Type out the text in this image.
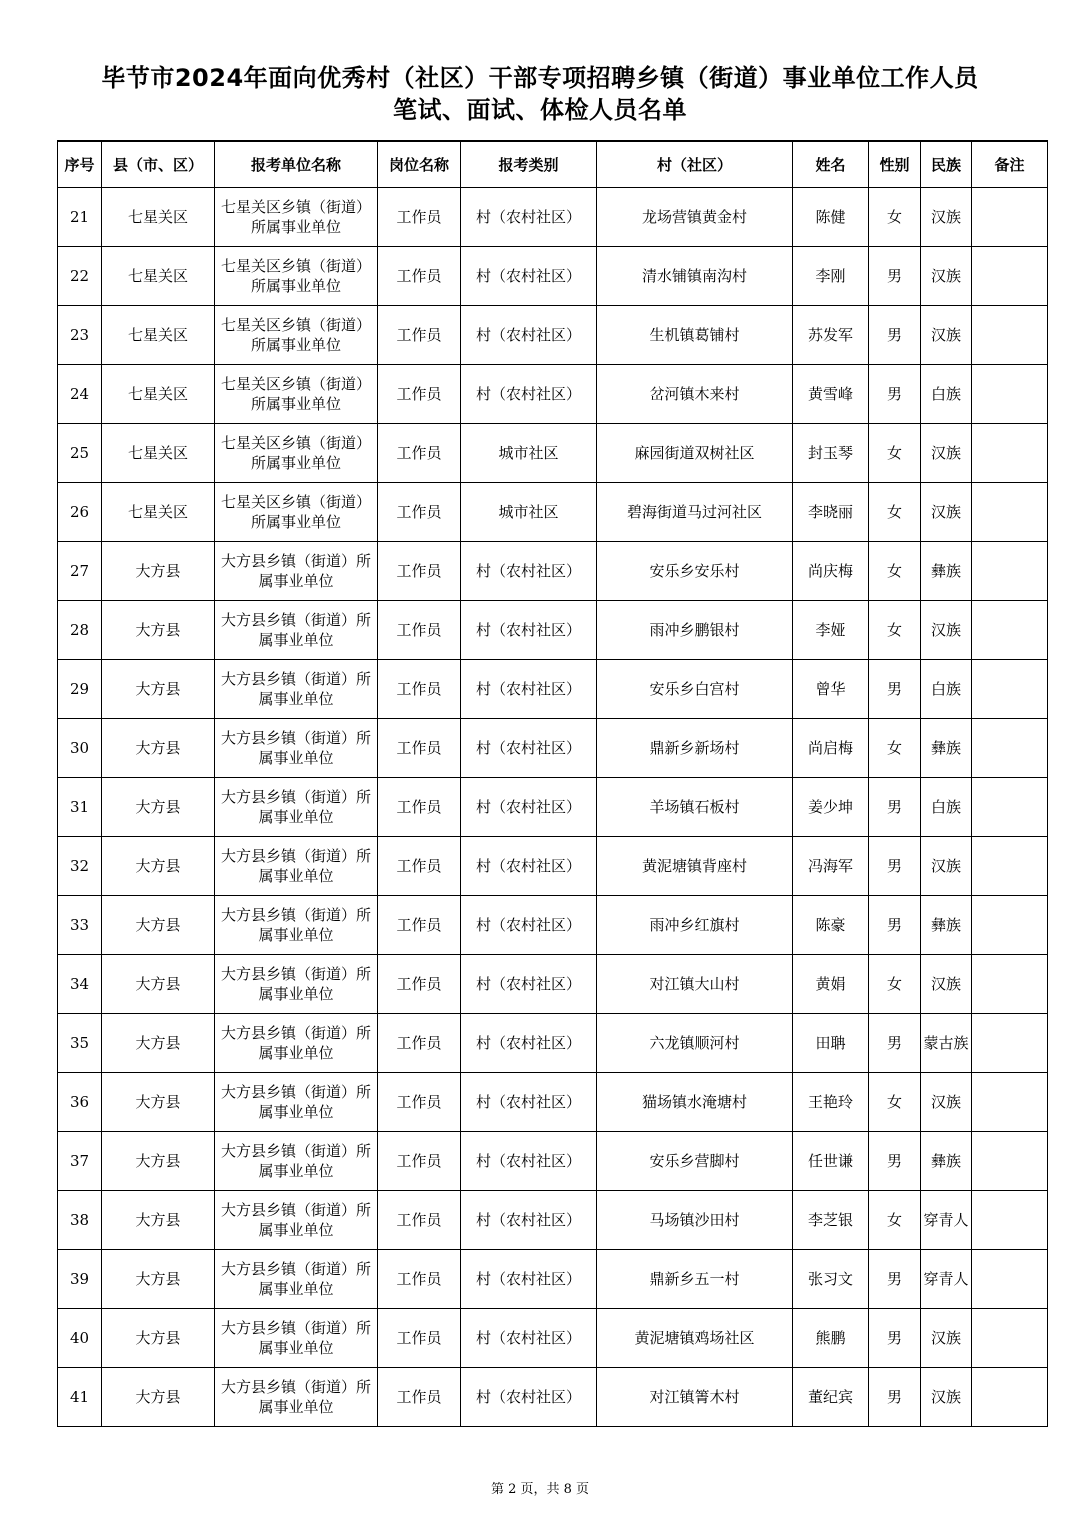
毕节市2024年面向优秀村（社区）干部专项招聘乡镇（街道）事业单位工作人员
笔试、面试、体检人员名单
序号	县（市、区）	报考单位名称	岗位名称	报考类别	村（社区）	姓名	性别	民族	备注
21	七星关区	七星关区乡镇（街道）所属事业单位	工作员	村（农村社区）	龙场营镇黄金村	陈健	女	汉族	
22	七星关区	七星关区乡镇（街道）所属事业单位	工作员	村（农村社区）	清水铺镇南沟村	李刚	男	汉族	
23	七星关区	七星关区乡镇（街道）所属事业单位	工作员	村（农村社区）	生机镇葛铺村	苏发军	男	汉族	
24	七星关区	七星关区乡镇（街道）所属事业单位	工作员	村（农村社区）	岔河镇木来村	黄雪峰	男	白族	
25	七星关区	七星关区乡镇（街道）所属事业单位	工作员	城市社区	麻园街道双树社区	封玉琴	女	汉族	
26	七星关区	七星关区乡镇（街道）所属事业单位	工作员	城市社区	碧海街道马过河社区	李晓丽	女	汉族	
27	大方县	大方县乡镇（街道）所属事业单位	工作员	村（农村社区）	安乐乡安乐村	尚庆梅	女	彝族	
28	大方县	大方县乡镇（街道）所属事业单位	工作员	村（农村社区）	雨冲乡鹏银村	李娅	女	汉族	
29	大方县	大方县乡镇（街道）所属事业单位	工作员	村（农村社区）	安乐乡白宫村	曾华	男	白族	
30	大方县	大方县乡镇（街道）所属事业单位	工作员	村（农村社区）	鼎新乡新场村	尚启梅	女	彝族	
31	大方县	大方县乡镇（街道）所属事业单位	工作员	村（农村社区）	羊场镇石板村	姜少坤	男	白族	
32	大方县	大方县乡镇（街道）所属事业单位	工作员	村（农村社区）	黄泥塘镇背座村	冯海军	男	汉族	
33	大方县	大方县乡镇（街道）所属事业单位	工作员	村（农村社区）	雨冲乡红旗村	陈豪	男	彝族	
34	大方县	大方县乡镇（街道）所属事业单位	工作员	村（农村社区）	对江镇大山村	黄娟	女	汉族	
35	大方县	大方县乡镇（街道）所属事业单位	工作员	村（农村社区）	六龙镇顺河村	田聃	男	蒙古族	
36	大方县	大方县乡镇（街道）所属事业单位	工作员	村（农村社区）	猫场镇水淹塘村	王艳玲	女	汉族	
37	大方县	大方县乡镇（街道）所属事业单位	工作员	村（农村社区）	安乐乡营脚村	任世谦	男	彝族	
38	大方县	大方县乡镇（街道）所属事业单位	工作员	村（农村社区）	马场镇沙田村	李芝银	女	穿青人	
39	大方县	大方县乡镇（街道）所属事业单位	工作员	村（农村社区）	鼎新乡五一村	张习文	男	穿青人	
40	大方县	大方县乡镇（街道）所属事业单位	工作员	村（农村社区）	黄泥塘镇鸡场社区	熊鹏	男	汉族	
41	大方县	大方县乡镇（街道）所属事业单位	工作员	村（农村社区）	对江镇箐木村	董纪宾	男	汉族	
第 2 页，共 8 页
